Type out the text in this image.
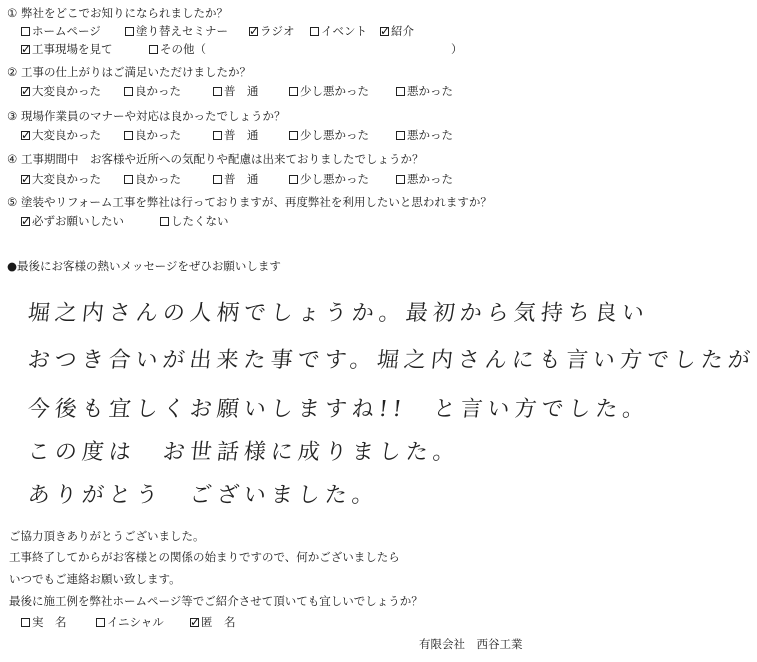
① 弊社をどこでお知りになられましたか？
ホームページ	塗り替えセミナー ✓	ラジオ	イベント ✓	紹介
✓工事現場を見て	その他（	）
② 工事の仕上がりはご満足いただけましたか？
✓大変良かった	良かった	普　通	少し悪かった	悪かった
③ 現場作業員のマナーや対応は良かったでしょうか？
✓大変良かった	良かった	普　通	少し悪かった	悪かった
④ 工事期間中　お客様や近所への気配りや配慮は出来ておりましたでしょうか？
✓大変良かった	良かった	普　通	少し悪かった	悪かった
⑤ 塗装やリフォーム工事を弊社は行っておりますが、再度弊社を利用したいと思われますか？
✓必ずお願いしたい	したくない
●最後にお客様の熱いメッセージをぜひお願いします
堀之内さんの人柄でしょうか。最初から気持ち良い
おつき合いが出来た事です。堀之内さんにも言い方でしたが
今後も宜しくお願いしますね!!　と言い方でした。
この度は　お世話様に成りました。
ありがとう　ございました。
ご協力頂きありがとうございました。
工事終了してからがお客様との関係の始まりですので、何かございましたら
いつでもご連絡お願い致します。
最後に施工例を弊社ホームページ等でご紹介させて頂いても宜しいでしょうか？
実　名	イニシャル ✓	匿　名
有限会社　西谷工業
